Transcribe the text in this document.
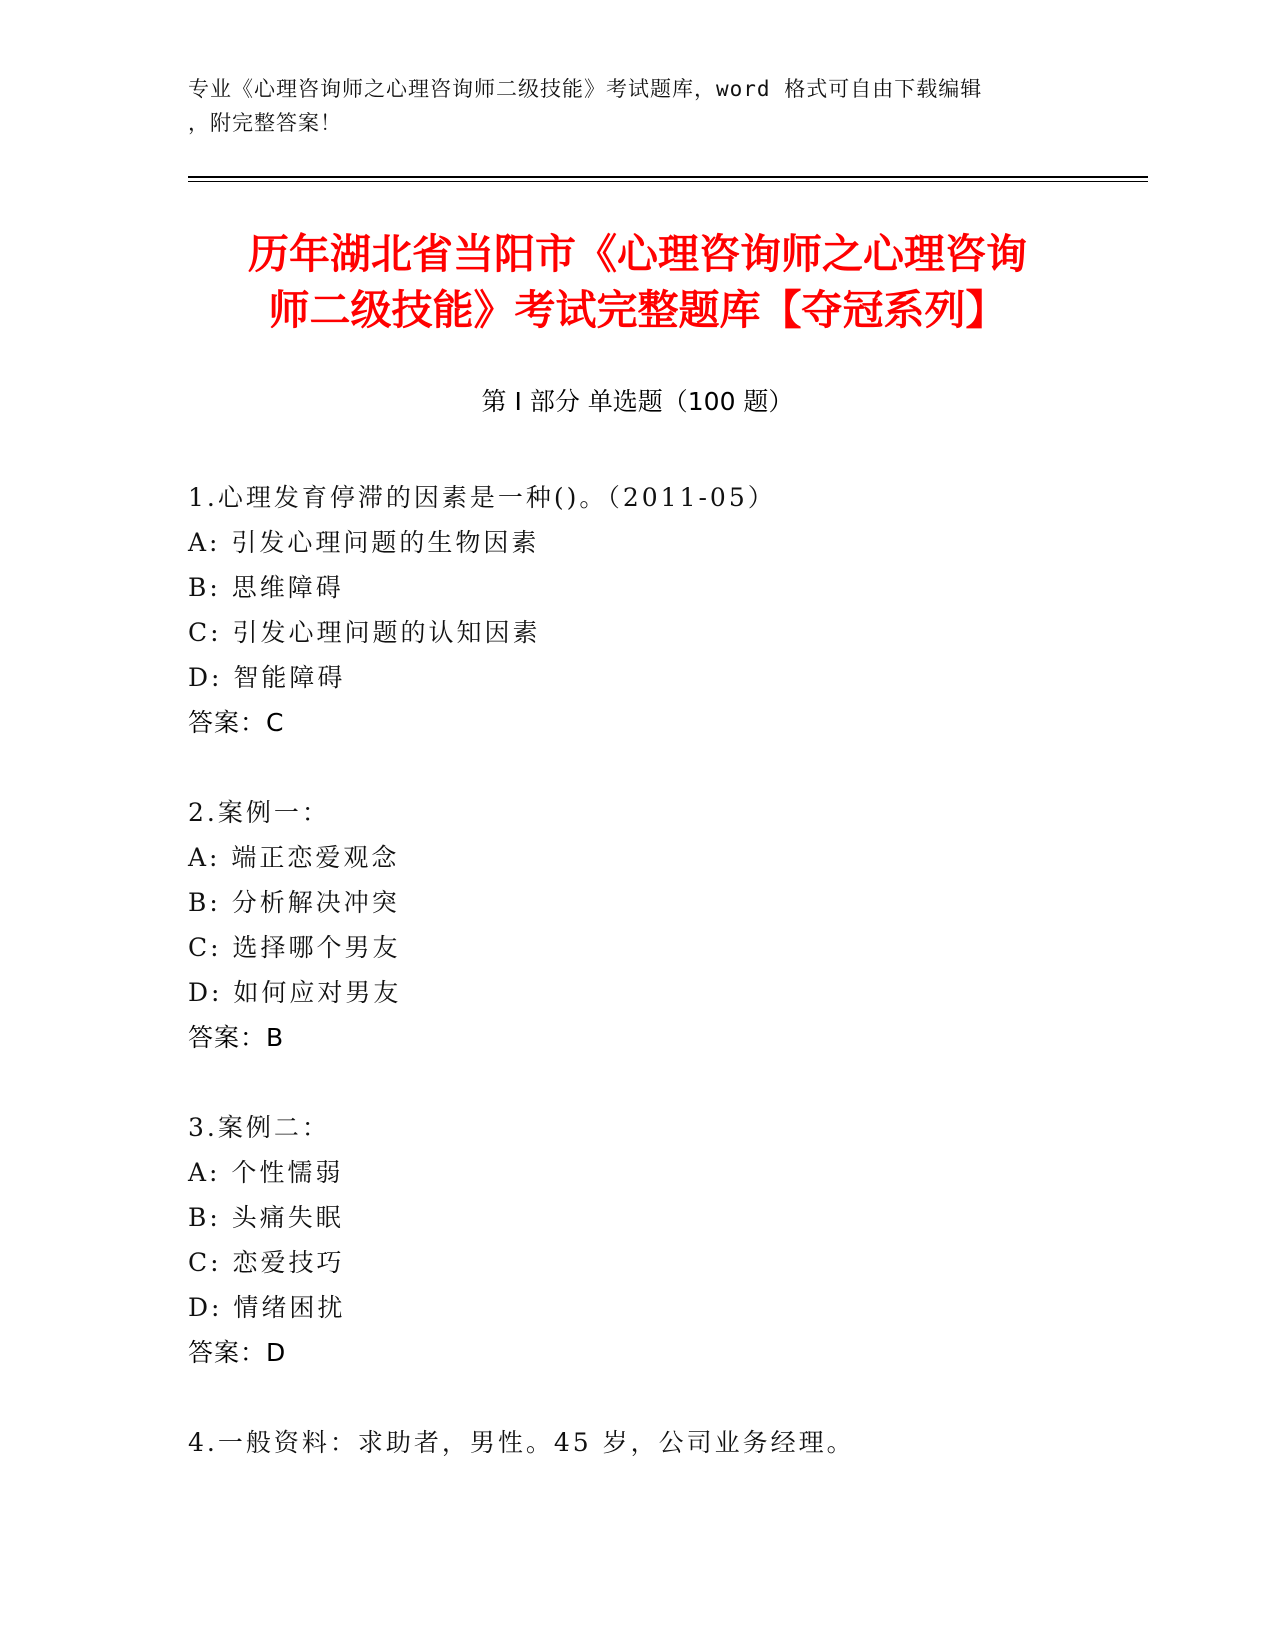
专业《心理咨询师之心理咨询师二级技能》考试题库，word 格式可自由下载编辑
，附完整答案！
历年湖北省当阳市《心理咨询师之心理咨询
师二级技能》考试完整题库【夺冠系列】
第 I 部分 单选题（100 题）
1.心理发育停滞的因素是一种()。（2011-05）
A: 引发心理问题的生物因素
B: 思维障碍
C: 引发心理问题的认知因素
D: 智能障碍
答案：C
2.案例一：
A: 端正恋爱观念
B: 分析解决冲突
C: 选择哪个男友
D: 如何应对男友
答案：B
3.案例二：
A: 个性懦弱
B: 头痛失眠
C: 恋爱技巧
D: 情绪困扰
答案：D
4.一般资料：求助者，男性。45 岁，公司业务经理。
